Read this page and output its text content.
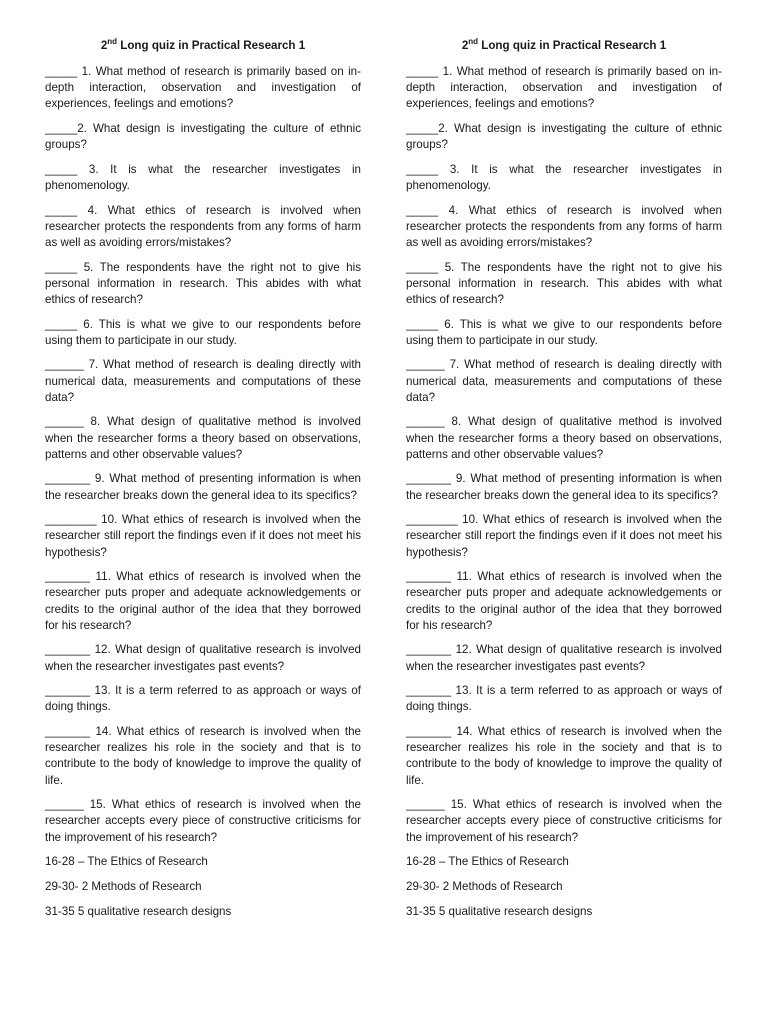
2nd Long quiz in Practical Research 1

_____ 1. What method of research is primarily based on in-depth interaction, observation and investigation of experiences, feelings and emotions?

_____2. What design is investigating the culture of ethnic groups?

_____ 3. It is what the researcher investigates in phenomenology.

_____ 4. What ethics of research is involved when researcher protects the respondents from any forms of harm as well as avoiding errors/mistakes?

_____ 5. The respondents have the right not to give his personal information in research. This abides with what ethics of research?

_____ 6. This is what we give to our respondents before using them to participate in our study.

______ 7. What method of research is dealing directly with numerical data, measurements and computations of these data?

______ 8. What design of qualitative method is involved when the researcher forms a theory based on observations, patterns and other observable values?

_______ 9. What method of presenting information is when the researcher breaks down the general idea to its specifics?

________ 10. What ethics of research is involved when the researcher still report the findings even if it does not meet his hypothesis?

_______ 11. What ethics of research is involved when the researcher puts proper and adequate acknowledgements or credits to the original author of the idea that they borrowed for his research?

_______ 12. What design of qualitative research is involved when the researcher investigates past events?

_______ 13. It is a term referred to as approach or ways of doing things.

_______ 14. What ethics of research is involved when the researcher realizes his role in the society and that is to contribute to the body of knowledge to improve the quality of life.

______ 15. What ethics of research is involved when the researcher accepts every piece of constructive criticisms for the improvement of his research?

16-28 – The Ethics of Research

29-30- 2 Methods of Research

31-35 5 qualitative research designs

2nd Long quiz in Practical Research 1

_____ 1. What method of research is primarily based on in-depth interaction, observation and investigation of experiences, feelings and emotions?

_____2. What design is investigating the culture of ethnic groups?

_____ 3. It is what the researcher investigates in phenomenology.

_____ 4. What ethics of research is involved when researcher protects the respondents from any forms of harm as well as avoiding errors/mistakes?

_____ 5. The respondents have the right not to give his personal information in research. This abides with what ethics of research?

_____ 6. This is what we give to our respondents before using them to participate in our study.

______ 7. What method of research is dealing directly with numerical data, measurements and computations of these data?

______ 8. What design of qualitative method is involved when the researcher forms a theory based on observations, patterns and other observable values?

_______ 9. What method of presenting information is when the researcher breaks down the general idea to its specifics?

________ 10. What ethics of research is involved when the researcher still report the findings even if it does not meet his hypothesis?

_______ 11. What ethics of research is involved when the researcher puts proper and adequate acknowledgements or credits to the original author of the idea that they borrowed for his research?

_______ 12. What design of qualitative research is involved when the researcher investigates past events?

_______ 13. It is a term referred to as approach or ways of doing things.

_______ 14. What ethics of research is involved when the researcher realizes his role in the society and that is to contribute to the body of knowledge to improve the quality of life.

______ 15. What ethics of research is involved when the researcher accepts every piece of constructive criticisms for the improvement of his research?

16-28 – The Ethics of Research

29-30- 2 Methods of Research

31-35 5 qualitative research designs
